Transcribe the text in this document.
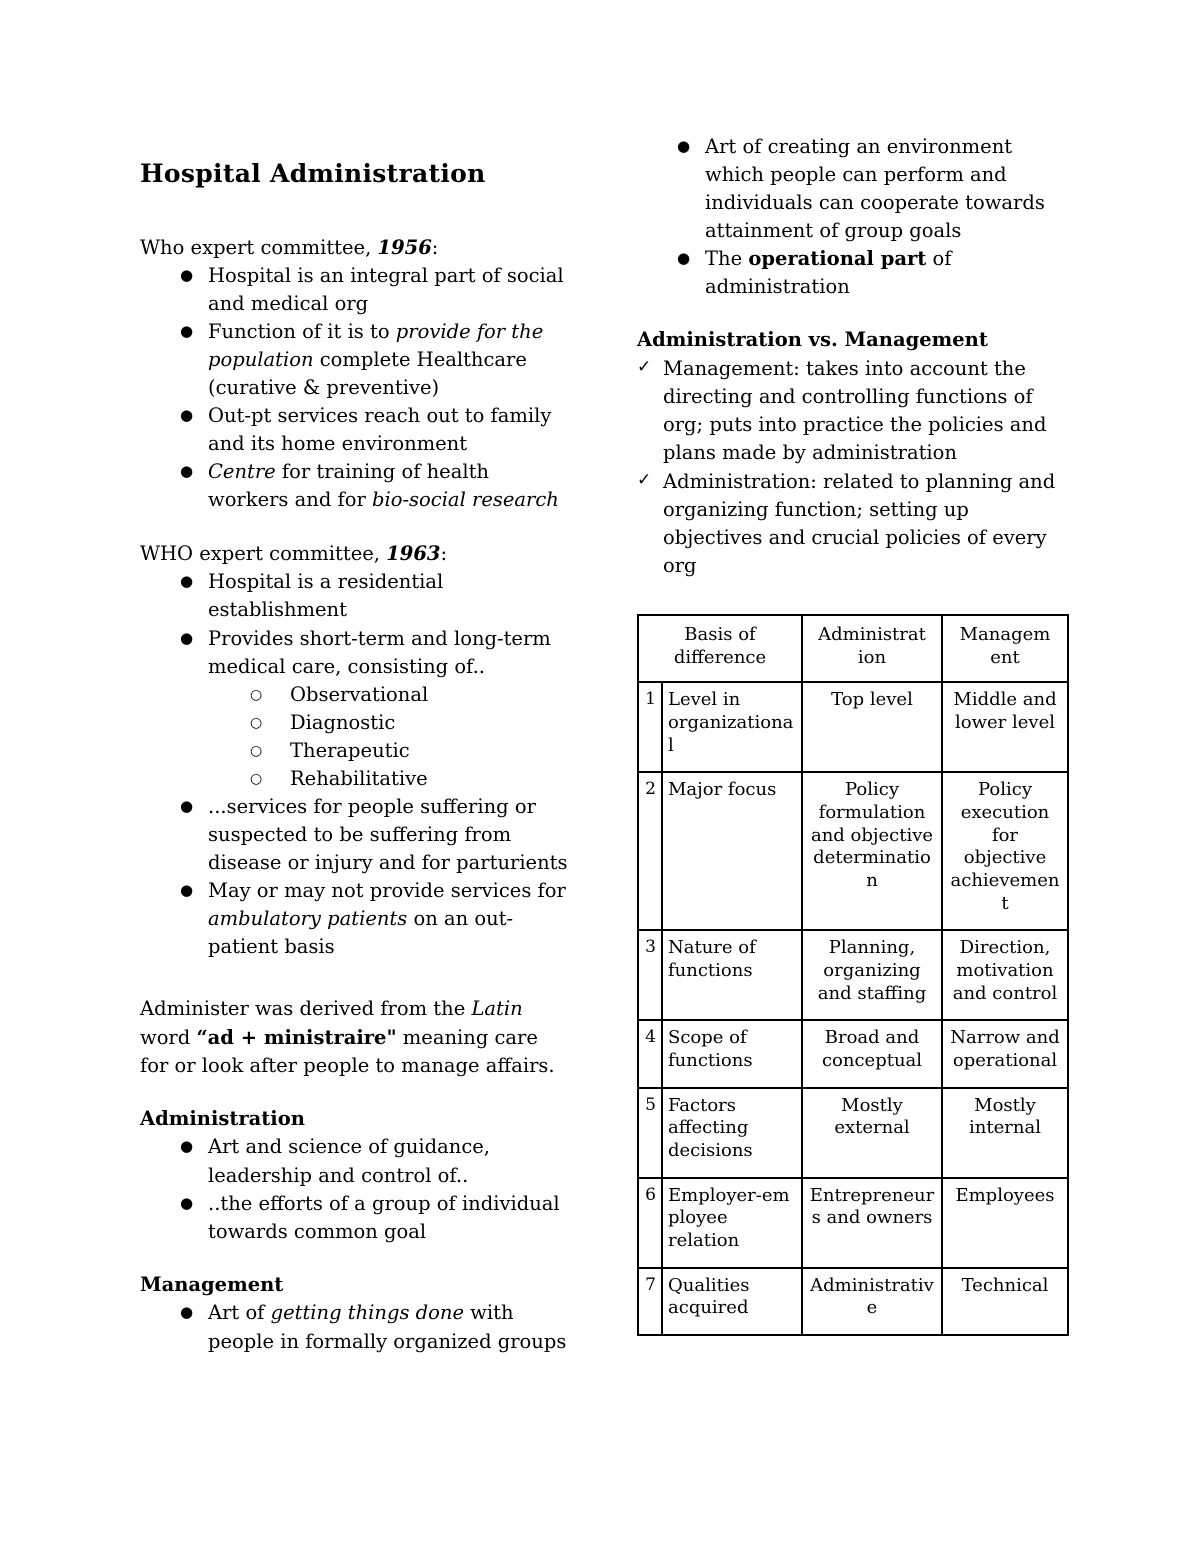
Hospital Administration

Who expert committee, 1956:

● Hospital is an integral part of social and medical org
● Function of it is to provide for the population complete Healthcare (curative & preventive)
● Out-pt services reach out to family and its home environment
● Centre for training of health workers and for bio-social research

WHO expert committee, 1963:

● Hospital is a residential establishment
● Provides short-term and long-term medical care, consisting of..
○ Observational
○ Diagnostic
○ Therapeutic
○ Rehabilitative
● ...services for people suffering or suspected to be suffering from disease or injury and for parturients
● May or may not provide services for ambulatory patients on an out-patient basis

Administer was derived from the Latin word “ad + ministraire" meaning care for or look after people to manage affairs.

Administration
● Art and science of guidance, leadership and control of..
● ..the efforts of a group of individual towards common goal
Management
● Art of getting things done with people in formally organized groups
● Art of creating an environment which people can perform and individuals can cooperate towards attainment of group goals
● The operational part of administration
Administration vs. Management
✓ Management: takes into account the directing and controlling functions of org; puts into practice the policies and plans made by administration
✓ Administration: related to planning and organizing function; setting up objectives and crucial policies of every org
Basis of difference		Administrat ion	Managem ent
1	Level in organizationa l	Top level	Middle and lower level
2	Major focus	Policy formulation and objective determinatio n	Policy execution for objective achievemen t
3	Nature of functions	Planning, organizing and staffing	Direction, motivation and control
4	Scope of functions	Broad and conceptual	Narrow and operational
5	Factors affecting decisions	Mostly external	Mostly internal
6	Employer-em ployee relation	Entrepreneur s and owners	Employees
7	Qualities acquired	Administrativ e	Technical
